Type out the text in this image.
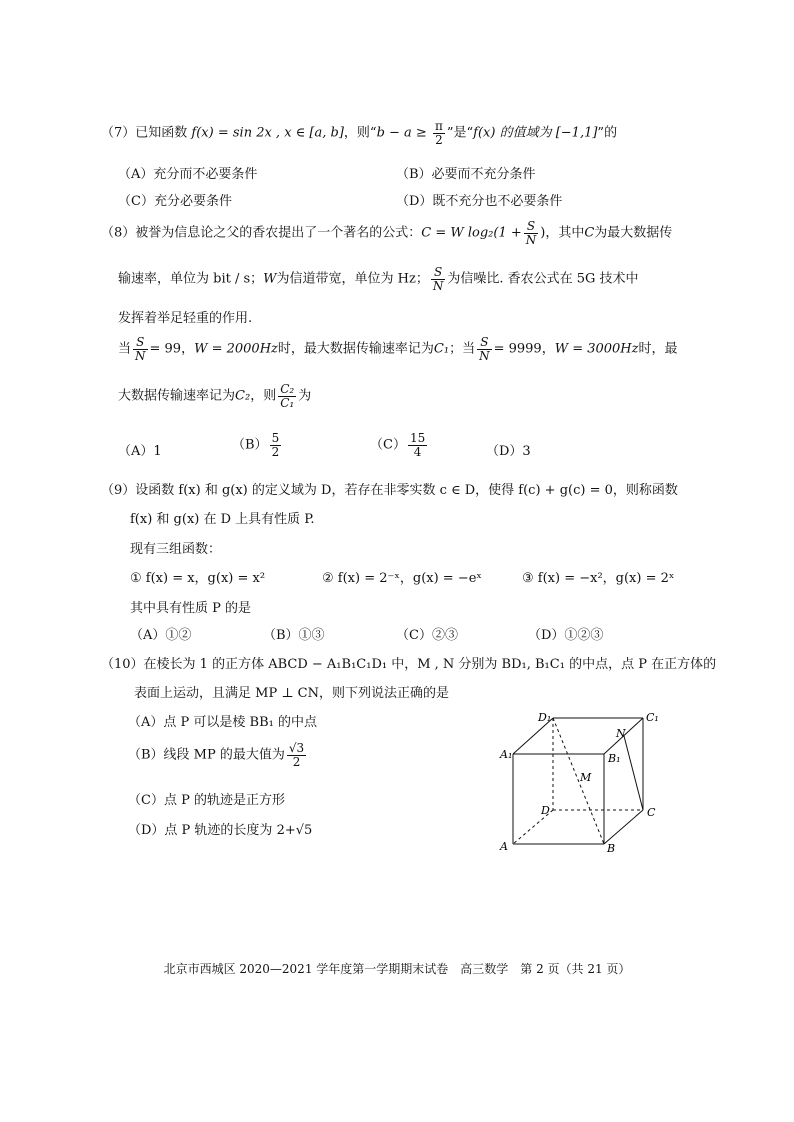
（7）已知函数 f(x) = sin 2x , x ∈ [a, b]，则“$b - a \ge \frac{\pi}{2}$ ”是“f(x) 的值域为 [−1,1]”的
（A）充分而不必要条件	（B）必要而不充分条件
（C）充分必要条件	（D）既不充分也不必要条件
（8）被誉为信息论之父的香农提出了一个著名的公式：C = W $\log_2(1 + \frac{S}{N}$ )，其中C为最大数据传
输速率，单位为 bit / s；W为信道带宽，单位为 Hz； $\frac{S}{N}$ 为信噪比. 香农公式在 5G 技术中
发挥着举足轻重的作用.
当 $\frac{S}{N} = 99$，W = 2000Hz时，最大数据传输速率记为C₁；当 $\frac{S}{N} = 9999$，W = 3000Hz时，最
大数据传输速率记为C₂，则 $\frac{\text{C₂}}{\text{C₁}}$ 为
（A）1	$(B) \frac{5}{2}$	$(C) \frac{15}{4}$	（D）3
（9）设函数 f(x) 和 g(x) 的定义域为 D，若存在非零实数 c ∈ D，使得 f(c) + g(c) = 0，则称函数
f(x) 和 g(x) 在 D 上具有性质 P.
现有三组函数：
① f(x) = x，g(x) = x²	② f(x) = 2⁻ˣ，g(x) = −eˣ	③ f(x) = −x²，g(x) = 2ˣ
其中具有性质 P 的是
（A）①②	（B）①③	（C）②③	（D）①②③
（10）在棱长为 1 的正方体 ABCD − A₁B₁C₁D₁ 中，M , N 分别为 BD₁, B₁C₁ 的中点，点 P 在正方体的
表面上运动，且满足 MP ⊥ CN，则下列说法正确的是
（A）点 P 可以是棱 BB₁ 的中点
（B）线段 MP 的最大值为 $\frac{√3}{2}$
（C）点 P 的轨迹是正方形
（D）点 P 轨迹的长度为 2+√5
D₁	C₁
A₁	B₁
N
M
D	C
A	B
北京市西城区 2020—2021 学年度第一学期期末试卷　高三数学　第 2 页（共 21 页）
